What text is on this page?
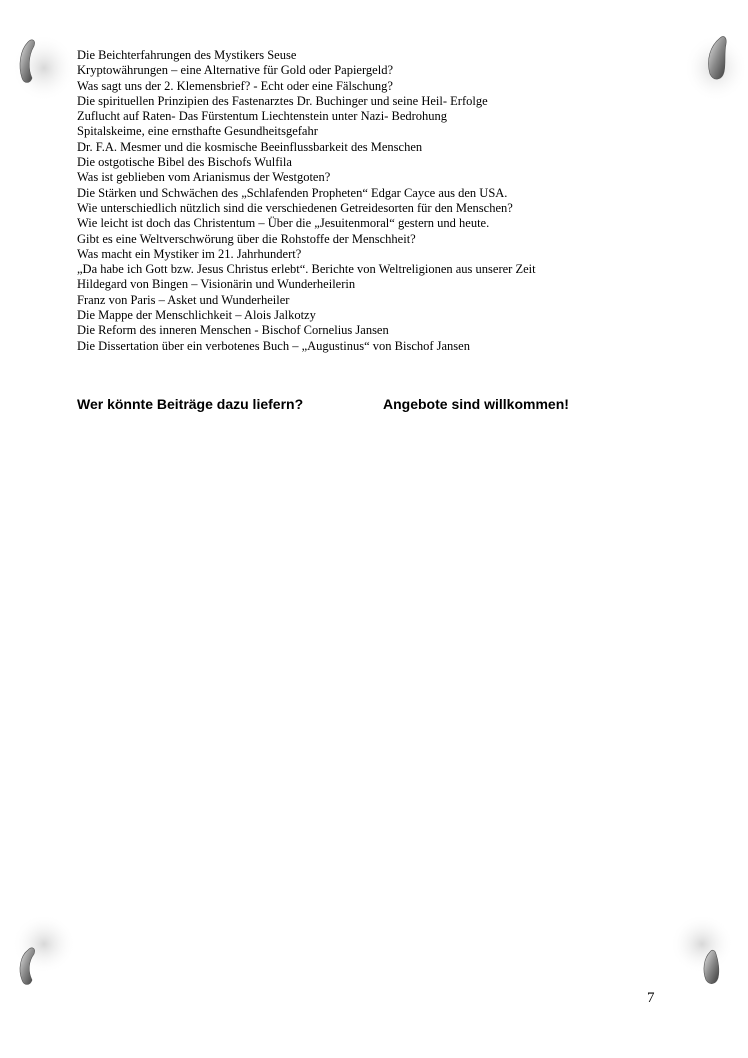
Die Beichterfahrungen des Mystikers Seuse
Kryptowährungen – eine Alternative für Gold oder Papiergeld?
Was sagt uns der 2. Klemensbrief? - Echt oder eine Fälschung?
Die spirituellen Prinzipien des Fastenarztes Dr. Buchinger und seine Heil- Erfolge
Zuflucht auf Raten- Das Fürstentum Liechtenstein unter Nazi- Bedrohung
Spitalskeime, eine ernsthafte Gesundheitsgefahr
Dr. F.A. Mesmer und die kosmische Beeinflussbarkeit des Menschen
Die ostgotische Bibel des Bischofs Wulfila
Was ist geblieben vom Arianismus der Westgoten?
Die Stärken und Schwächen des „Schlafenden Propheten“ Edgar Cayce aus den USA.
Wie unterschiedlich nützlich sind die verschiedenen Getreidesorten für den Menschen?
Wie leicht ist doch das Christentum – Über die „Jesuitenmoral“ gestern und heute.
Gibt es eine Weltverschwörung über die Rohstoffe der Menschheit?
Was macht ein Mystiker im 21. Jahrhundert?
„Da habe ich Gott bzw. Jesus Christus erlebt“. Berichte von Weltreligionen aus unserer Zeit
Hildegard von Bingen – Visionärin und Wunderheilerin
Franz von Paris – Asket und Wunderheiler
Die Mappe der Menschlichkeit – Alois Jalkotzy
Die Reform des inneren Menschen - Bischof Cornelius Jansen
Die Dissertation über ein verbotenes Buch – „Augustinus“ von Bischof Jansen
Wer könnte Beiträge dazu liefern?	Angebote sind willkommen!
7
